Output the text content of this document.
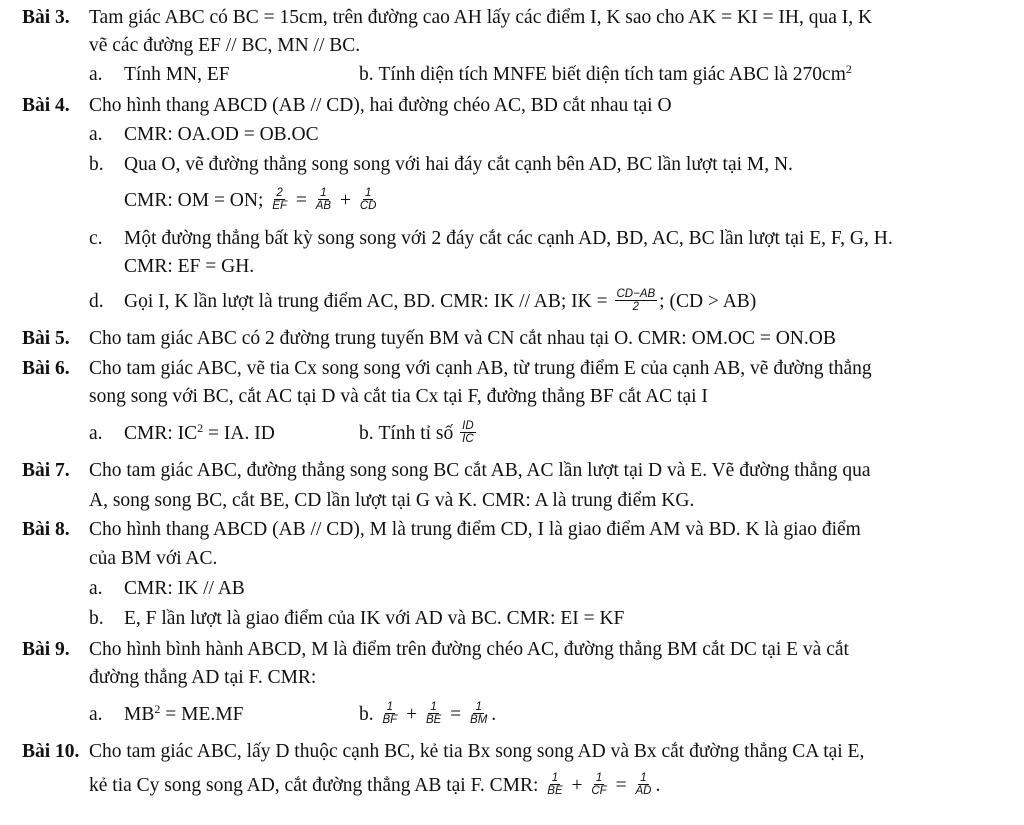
Bài 3. Tam giác ABC có BC = 15cm, trên đường cao AH lấy các điểm I, K sao cho AK = KI = IH, qua I, K
vẽ các đường EF // BC, MN // BC.
a. Tính MN, EF	b. Tính diện tích MNFE biết diện tích tam giác ABC là $270cm^2$
Bài 4. Cho hình thang ABCD (AB // CD), hai đường chéo AC, BD cắt nhau tại O
a. CMR: OA.OD = OB.OC
b. Qua O, vẽ đường thẳng song song với hai đáy cắt cạnh bên AD, BC lần lượt tại M, N.
CMR: OM = ON; $\frac{2}{EF} = \frac{1}{AB} + \frac{1}{CD}$
c. Một đường thẳng bất kỳ song song với 2 đáy cắt các cạnh AD, BD, AC, BC lần lượt tại E, F, G, H.
CMR: EF = GH.
d. Gọi I, K lần lượt là trung điểm AC, BD. CMR: IK // AB; IK = $\frac{CD-AB}{2}$ ; (CD > AB)
Bài 5. Cho tam giác ABC có 2 đường trung tuyến BM và CN cắt nhau tại O. CMR: OM.OC = ON.OB
Bài 6. Cho tam giác ABC, vẽ tia Cx song song với cạnh AB, từ trung điểm E của cạnh AB, vẽ đường thẳng
song song với BC, cắt AC tại D và cắt tia Cx tại F, đường thẳng BF cắt AC tại I
a. CMR: $IC^2$ = IA. ID	b. Tính tỉ số $\frac{ID}{IC}$
Bài 7. Cho tam giác ABC, đường thẳng song song BC cắt AB, AC lần lượt tại D và E. Vẽ đường thẳng qua
A, song song BC, cắt BE, CD lần lượt tại G và K. CMR: A là trung điểm KG.
Bài 8. Cho hình thang ABCD (AB // CD), M là trung điểm CD, I là giao điểm AM và BD. K là giao điểm
của BM với AC.
a. CMR: IK // AB
b. E, F lần lượt là giao điểm của IK với AD và BC. CMR: EI = KF
Bài 9. Cho hình bình hành ABCD, M là điểm trên đường chéo AC, đường thẳng BM cắt DC tại E và cắt
đường thẳng AD tại F. CMR:
a. $MB^2 = ME.MF$	b. $\frac{1}{BF} + \frac{1}{BE} = \frac{1}{BM}$ .
Bài 10. Cho tam giác ABC, lấy D thuộc cạnh BC, kẻ tia Bx song song AD và Bx cắt đường thẳng CA tại E,
kẻ tia Cy song song AD, cắt đường thẳng AB tại F. CMR: $\frac{1}{BE} + \frac{1}{CF} = \frac{1}{AD}$ .
